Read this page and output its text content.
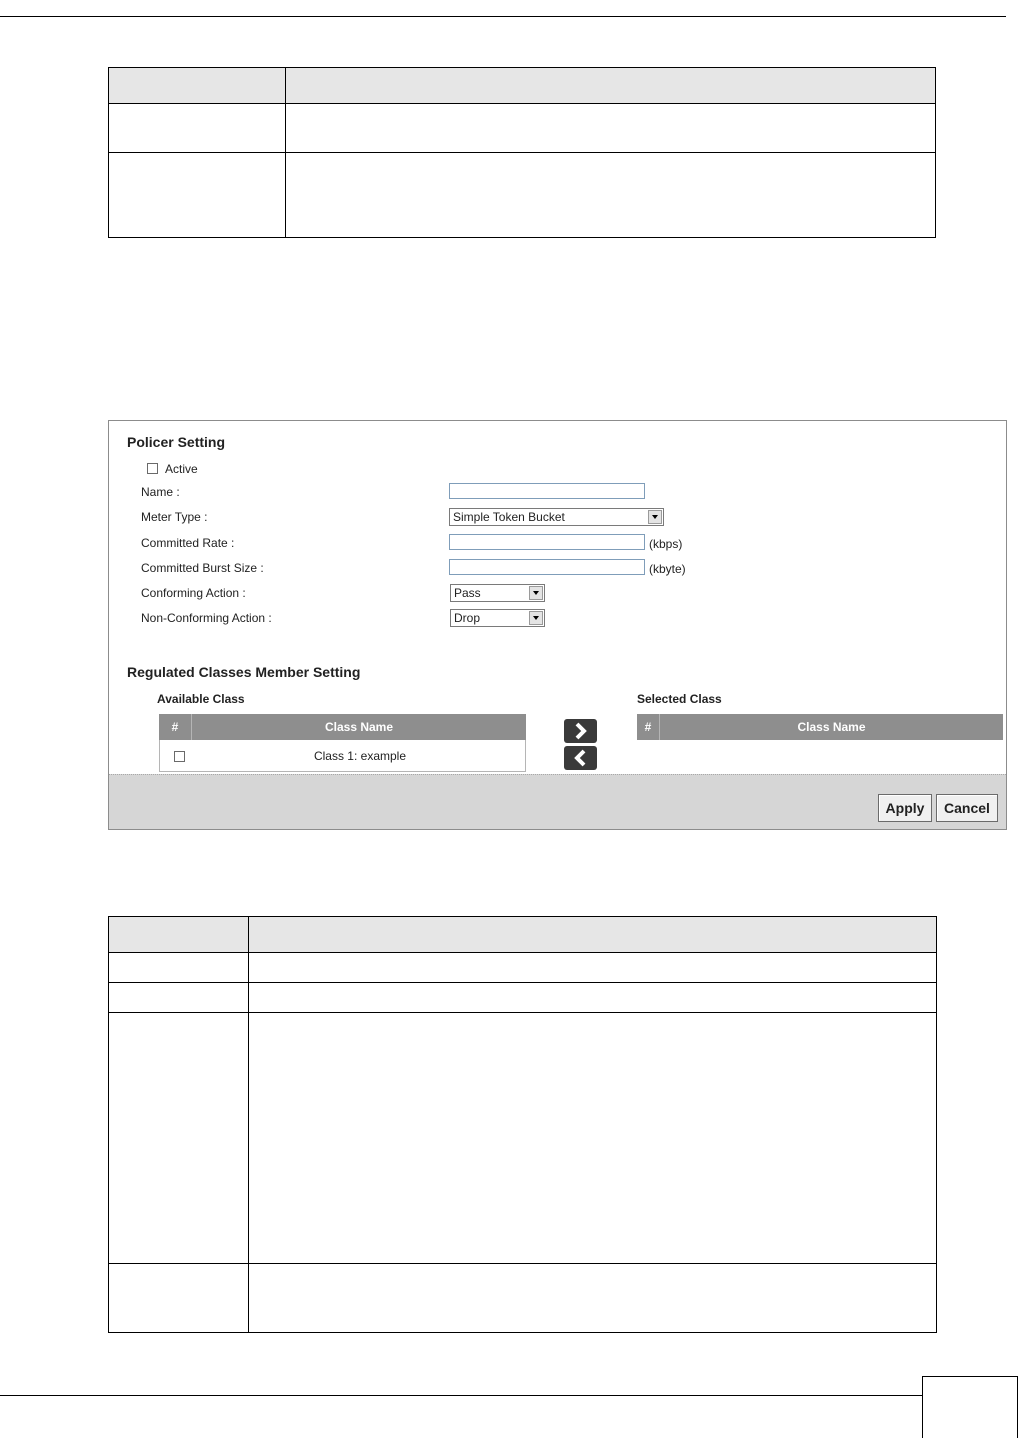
Policer Setting
Active
Name :
Meter Type :	Simple Token Bucket
Committed Rate :	(kbps)
Committed Burst Size :	(kbyte)
Conforming Action :	Pass
Non-Conforming Action :	Drop
Regulated Classes Member Setting
Available Class
#	Class Name
Class 1: example
Selected Class
#	Class Name
Apply	Cancel
